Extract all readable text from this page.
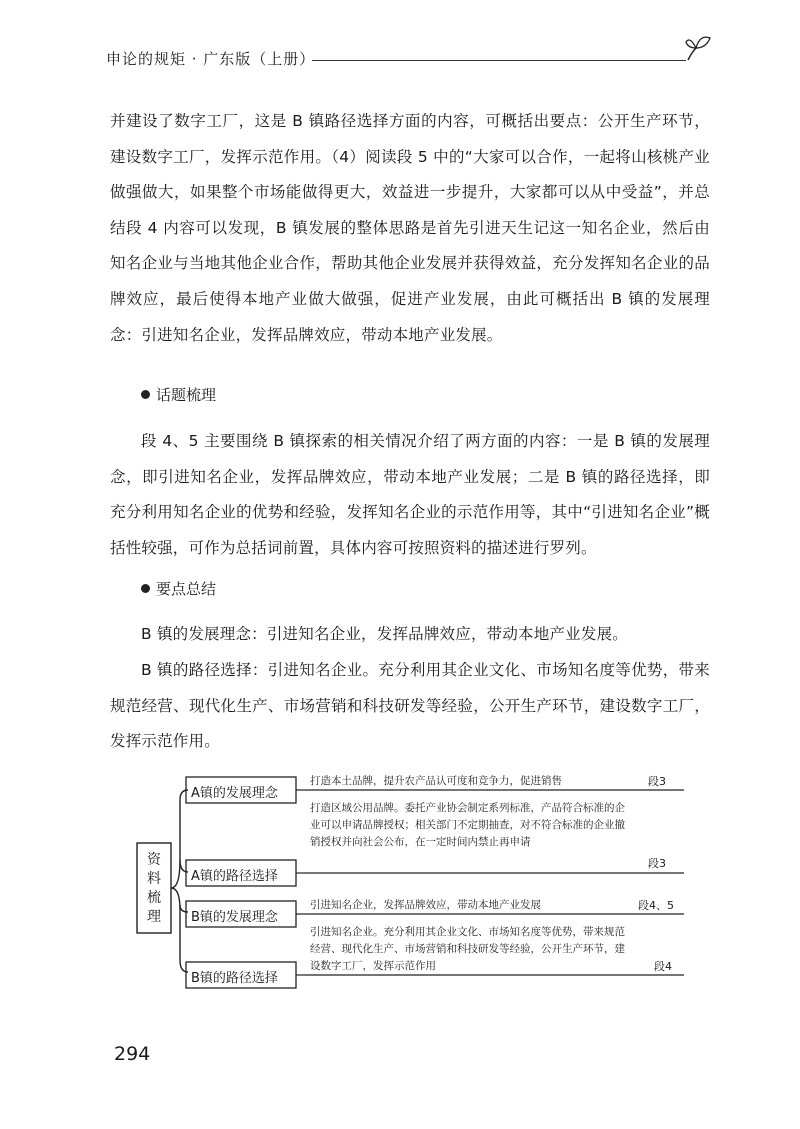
申论的规矩 · 广东版（上册）

并建设了数字工厂，这是 B 镇路径选择方面的内容，可概括出要点：公开生产环节，建设数字工厂，发挥示范作用。（4）阅读段 5 中的“大家可以合作，一起将山核桃产业做强做大，如果整个市场能做得更大，效益进一步提升，大家都可以从中受益”，并总结段 4 内容可以发现，B 镇发展的整体思路是首先引进天生记这一知名企业，然后由知名企业与当地其他企业合作，帮助其他企业发展并获得效益，充分发挥知名企业的品牌效应，最后使得本地产业做大做强，促进产业发展，由此可概括出 B 镇的发展理念：引进知名企业，发挥品牌效应，带动本地产业发展。

话题梳理

段 4、5 主要围绕 B 镇探索的相关情况介绍了两方面的内容：一是 B 镇的发展理念，即引进知名企业，发挥品牌效应，带动本地产业发展；二是 B 镇的路径选择，即充分利用知名企业的优势和经验，发挥知名企业的示范作用等，其中“引进知名企业”概括性较强，可作为总括词前置，具体内容可按照资料的描述进行罗列。

要点总结

B 镇的发展理念：引进知名企业，发挥品牌效应，带动本地产业发展。

B 镇的路径选择：引进知名企业。充分利用其企业文化、市场知名度等优势，带来规范经营、现代化生产、市场营销和科技研发等经验，公开生产环节，建设数字工厂，发挥示范作用。

资料梳理
A镇的发展理念
打造本土品牌，提升农产品认可度和竞争力，促进销售	段3
A镇的路径选择
打造区域公用品牌。委托产业协会制定系列标准，产品符合标准的企业可以申请品牌授权；相关部门不定期抽查，对不符合标准的企业撤销授权并向社会公布，在一定时间内禁止再申请
段3
B镇的发展理念
引进知名企业，发挥品牌效应，带动本地产业发展	段4、5
B镇的路径选择
引进知名企业。充分利用其企业文化、市场知名度等优势，带来规范经营、现代化生产、市场营销和科技研发等经验，公开生产环节，建设数字工厂，发挥示范作用	段4
294
